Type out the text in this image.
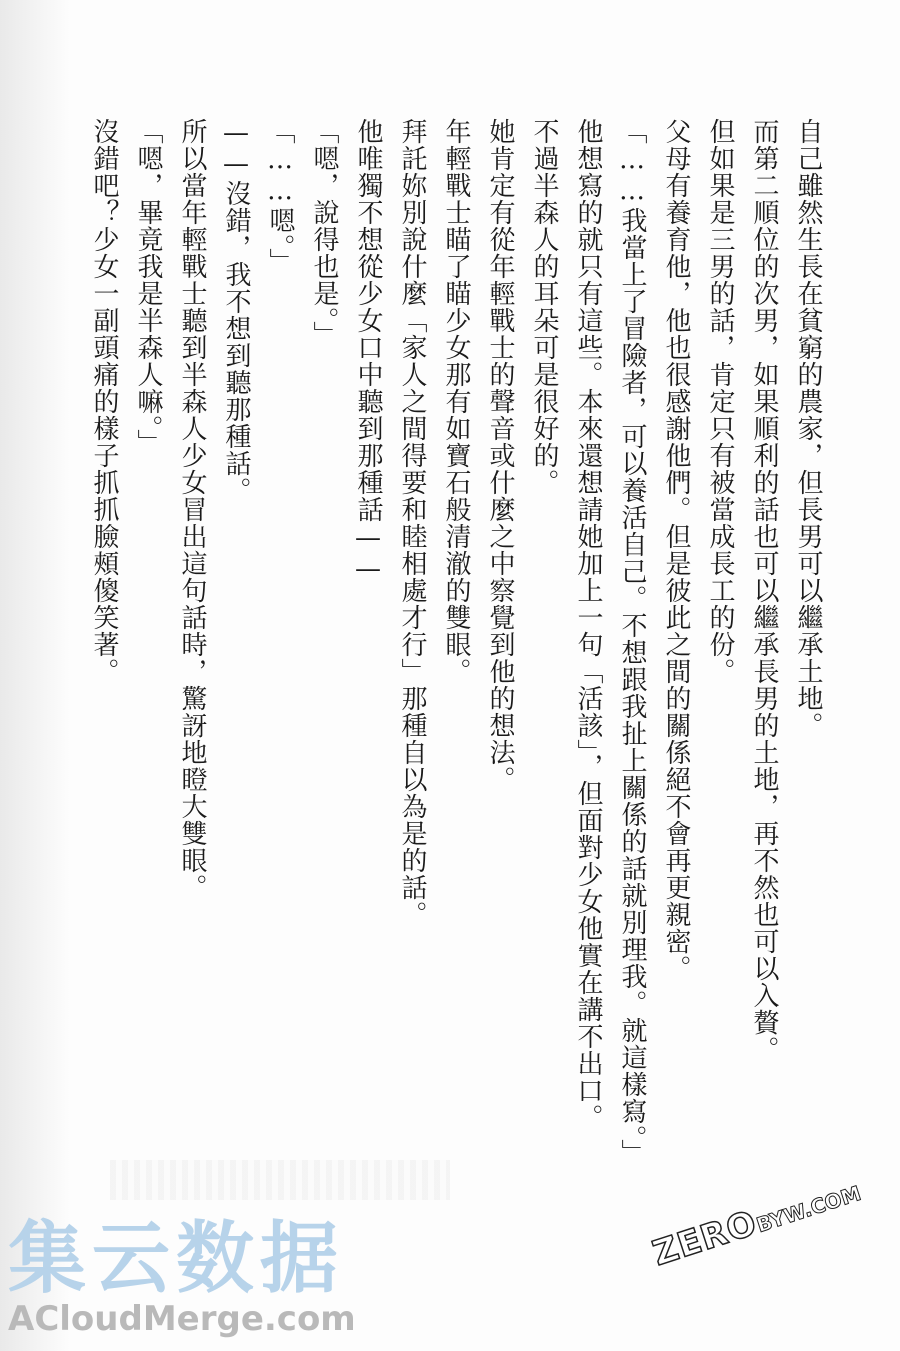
自己雖然生長在貧窮的農家，但長男可以繼承土地。

而第二順位的次男，如果順利的話也可以繼承長男的土地，再不然也可以入贅。

但如果是三男的話，肯定只有被當成長工的份。

父母有養育他，他也很感謝他們。但是彼此之間的關係絕不會再更親密。

「……我當上了冒險者，可以養活自己。不想跟我扯上關係的話就別理我。就這樣寫。」

他想寫的就只有這些。本來還想請她加上一句「活該」，但面對少女他實在講不出口。

不過半森人的耳朵可是很好的。

她肯定有從年輕戰士的聲音或什麼之中察覺到他的想法。

年輕戰士瞄了瞄少女那有如寶石般清澈的雙眼。

拜託妳別說什麼「家人之間得要和睦相處才行」那種自以為是的話。

他唯獨不想從少女口中聽到那種話——

「嗯，說得也是。」

「……嗯。」

——沒錯，我不想到聽那種話。

所以當年輕戰士聽到半森人少女冒出這句話時，驚訝地瞪大雙眼。

「嗯，畢竟我是半森人嘛。」

沒錯吧？少女一副頭痛的樣子抓抓臉頰傻笑著。

集云数据

ACloudMerge.com

ZEROBYW.COM
